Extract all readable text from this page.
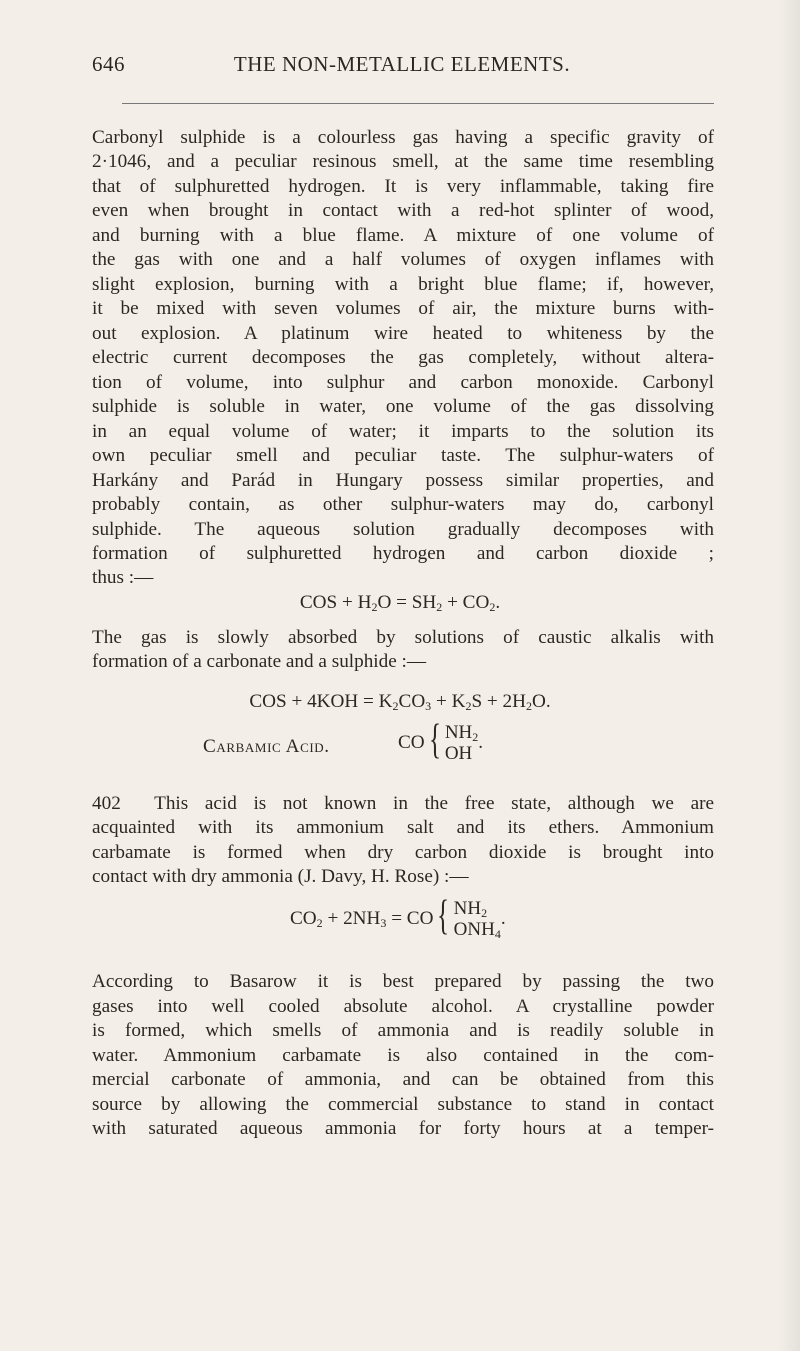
646	THE NON-METALLIC ELEMENTS.
Carbonyl sulphide is a colourless gas having a specific gravity of
2·1046, and a peculiar resinous smell, at the same time resembling
that of sulphuretted hydrogen. It is very inflammable, taking fire
even when brought in contact with a red-hot splinter of wood,
and burning with a blue flame. A mixture of one volume of
the gas with one and a half volumes of oxygen inflames with
slight explosion, burning with a bright blue flame; if, however,
it be mixed with seven volumes of air, the mixture burns with-
out explosion. A platinum wire heated to whiteness by the
electric current decomposes the gas completely, without altera-
tion of volume, into sulphur and carbon monoxide. Carbonyl
sulphide is soluble in water, one volume of the gas dissolving
in an equal volume of water; it imparts to the solution its
own peculiar smell and peculiar taste. The sulphur-waters of
Harkány and Parád in Hungary possess similar properties, and
probably contain, as other sulphur-waters may do, carbonyl
sulphide. The aqueous solution gradually decomposes with
formation of sulphuretted hydrogen and carbon dioxide ;
thus :—
COS + $H_2O = SH_2 + CO_2$.
The gas is slowly absorbed by solutions of caustic alkalis with
formation of a carbonate and a sulphide :—
COS + $4KOH = K_2CO_3 + K_2S + 2H_2O$.
Carbamic Acid.	CO{ $NH_2$
OH
.
402 This acid is not known in the free state, although we are
acquainted with its ammonium salt and its ethers. Ammonium
carbamate is formed when dry carbon dioxide is brought into
contact with dry ammonia (J. Davy, H. Rose) :—
$CO_2 + 2NH_3 = CO${ $NH_2$
$ONH_4$
.
According to Basarow it is best prepared by passing the two
gases into well cooled absolute alcohol. A crystalline powder
is formed, which smells of ammonia and is readily soluble in
water. Ammonium carbamate is also contained in the com-
mercial carbonate of ammonia, and can be obtained from this
source by allowing the commercial substance to stand in contact
with saturated aqueous ammonia for forty hours at a temper-
